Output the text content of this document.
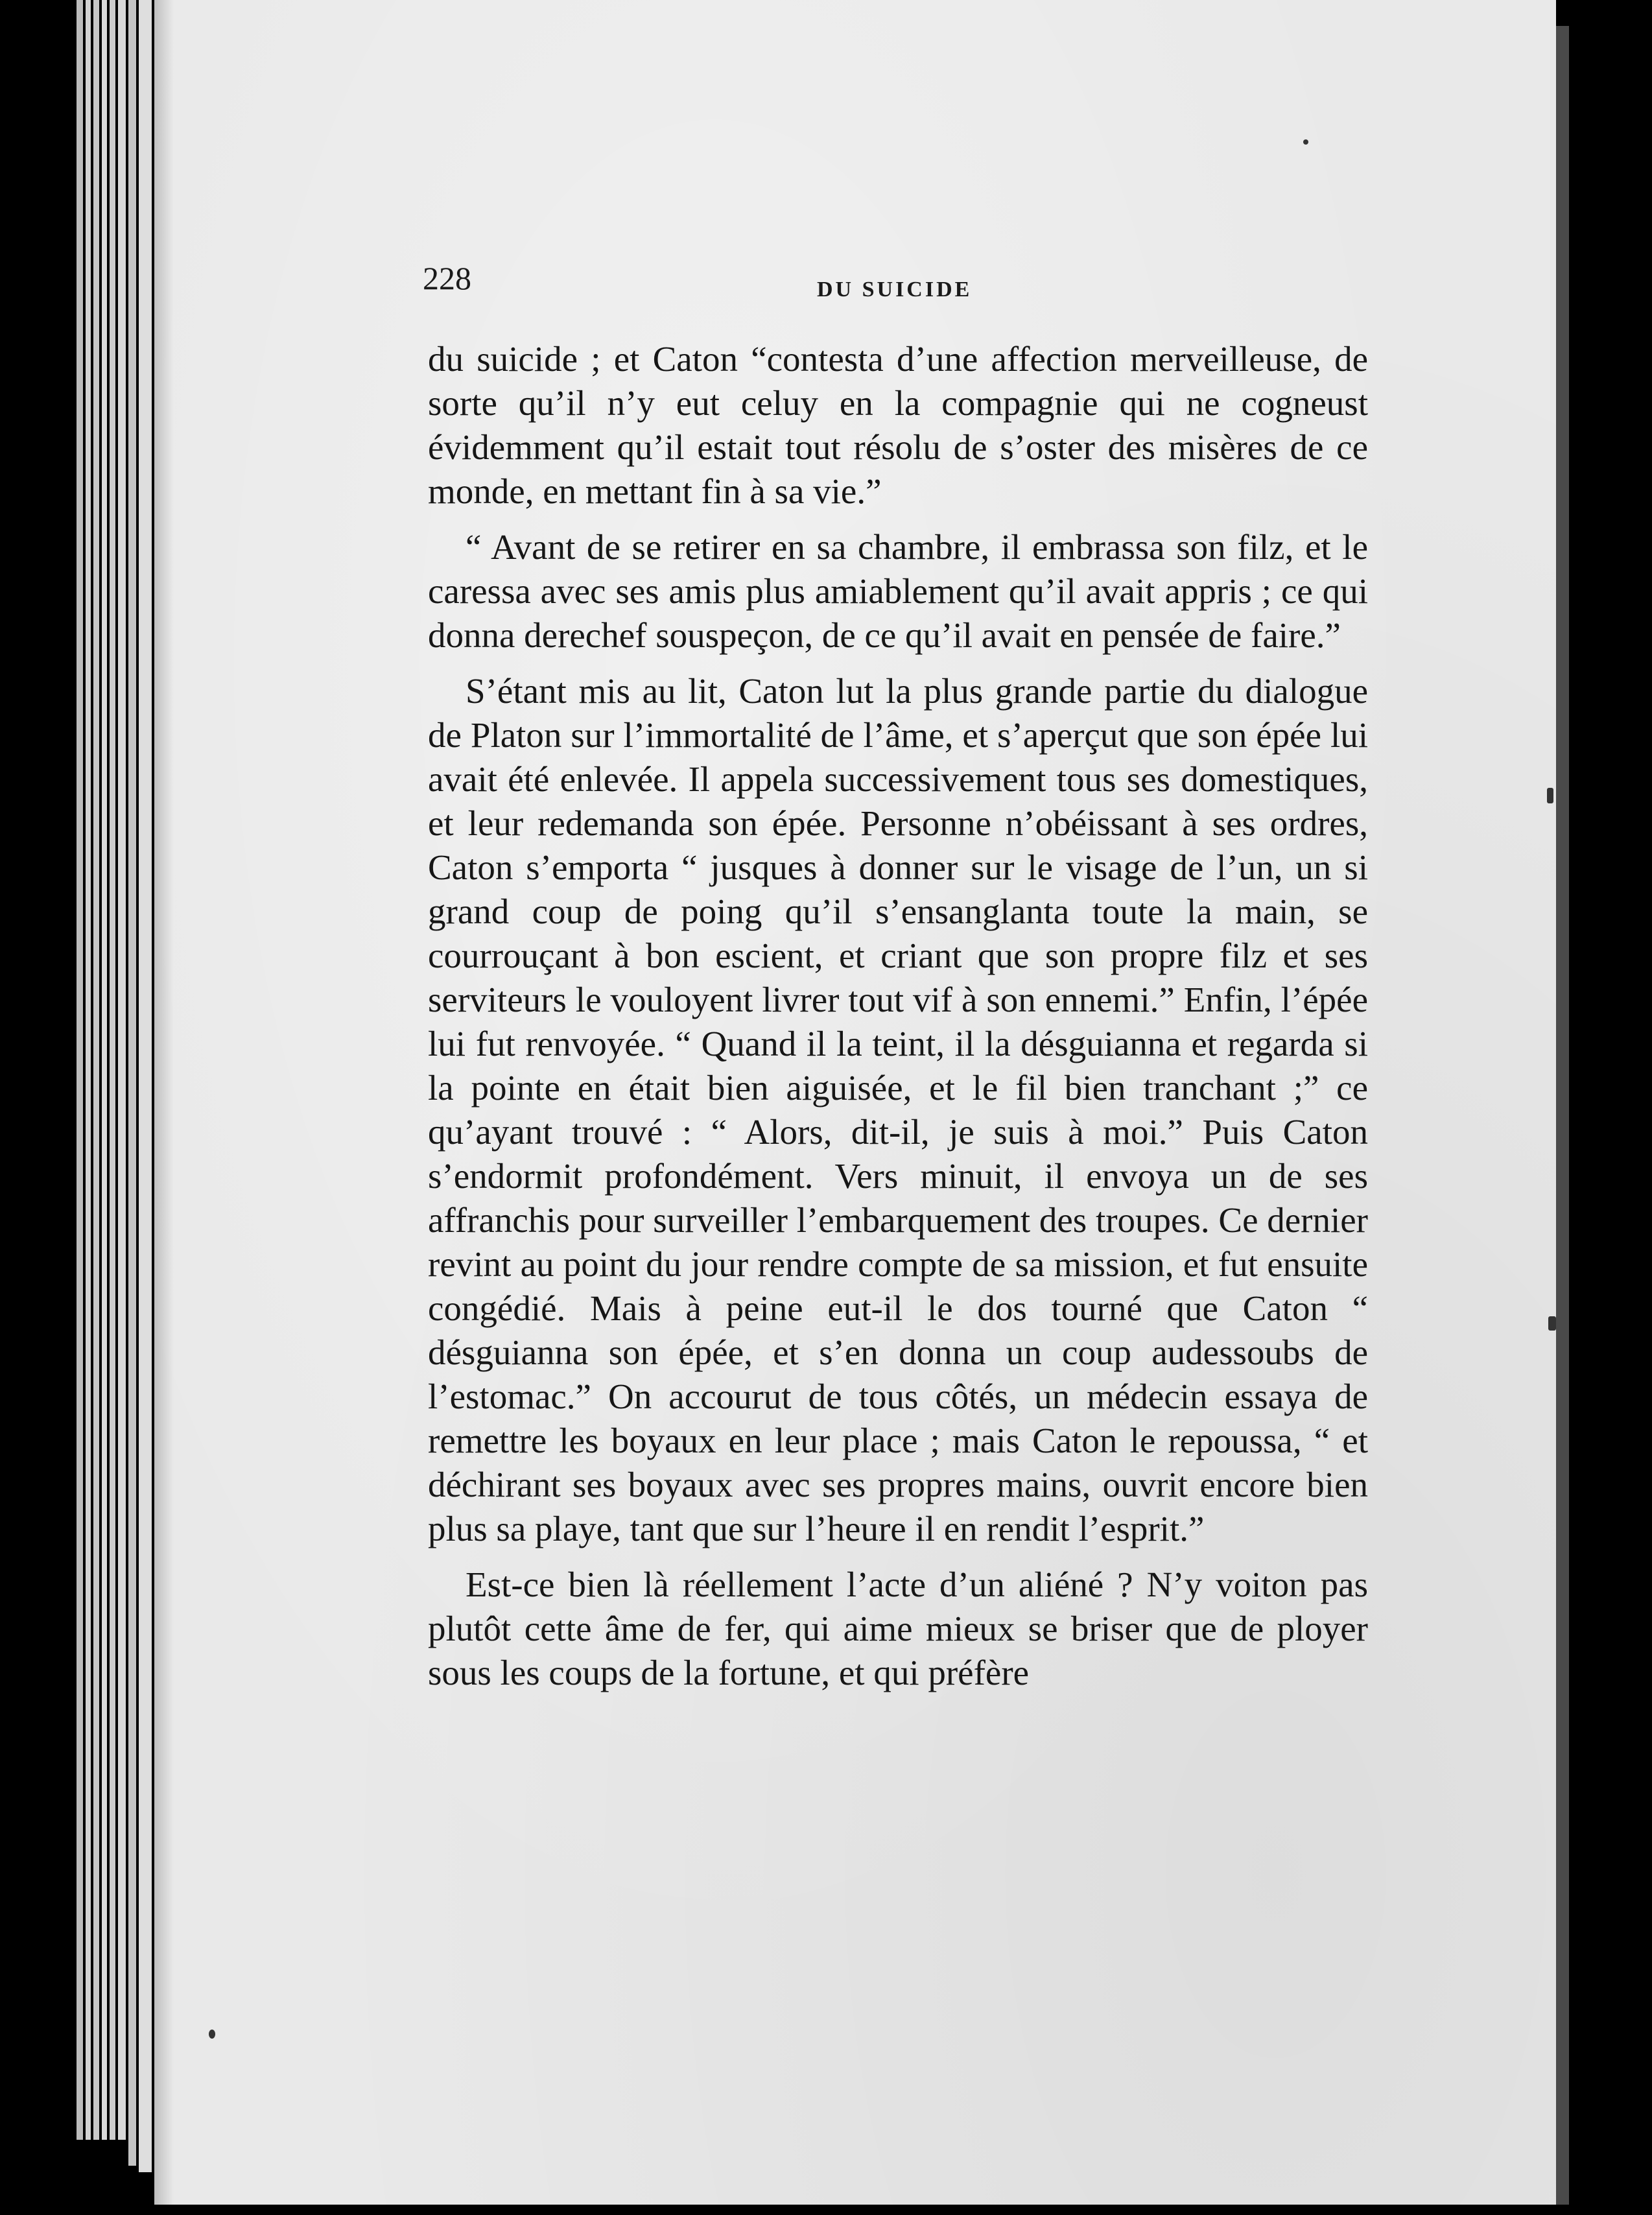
228	DU SUICIDE

du suicide ; et Caton “contesta d’une affection merveilleuse, de sorte qu’il n’y eut celuy en la compagnie qui ne cogneust évidemment qu’il estait tout résolu de s’oster des misères de ce monde, en mettant fin à sa vie.”

“ Avant de se retirer en sa chambre, il embrassa son filz, et le caressa avec ses amis plus amiablement qu’il avait appris ; ce qui donna derechef souspeçon, de ce qu’il avait en pensée de faire.”

S’étant mis au lit, Caton lut la plus grande partie du dialogue de Platon sur l’immortalité de l’âme, et s’aperçut que son épée lui avait été enlevée. Il appela successivement tous ses domestiques, et leur redemanda son épée. Personne n’obéissant à ses ordres, Caton s’emporta “ jusques à donner sur le visage de l’un, un si grand coup de poing qu’il s’ensanglanta toute la main, se courrouçant à bon escient, et criant que son propre filz et ses serviteurs le vouloyent livrer tout vif à son ennemi.” Enfin, l’épée lui fut renvoyée. “ Quand il la teint, il la désguianna et regarda si la pointe en était bien aiguisée, et le fil bien tranchant ;” ce qu’ayant trouvé : “ Alors, dit-il, je suis à moi.” Puis Caton s’endormit profondément. Vers minuit, il envoya un de ses affranchis pour surveiller l’embarquement des troupes. Ce dernier revint au point du jour rendre compte de sa mission, et fut ensuite congédié. Mais à peine eut-il le dos tourné que Caton “ désguianna son épée, et s’en donna un coup audessoubs de l’estomac.” On accourut de tous côtés, un médecin essaya de remettre les boyaux en leur place ; mais Caton le repoussa, “ et déchirant ses boyaux avec ses propres mains, ouvrit encore bien plus sa playe, tant que sur l’heure il en rendit l’esprit.”

Est-ce bien là réellement l’acte d’un aliéné ? N’y voiton pas plutôt cette âme de fer, qui aime mieux se briser que de ployer sous les coups de la fortune, et qui préfère
